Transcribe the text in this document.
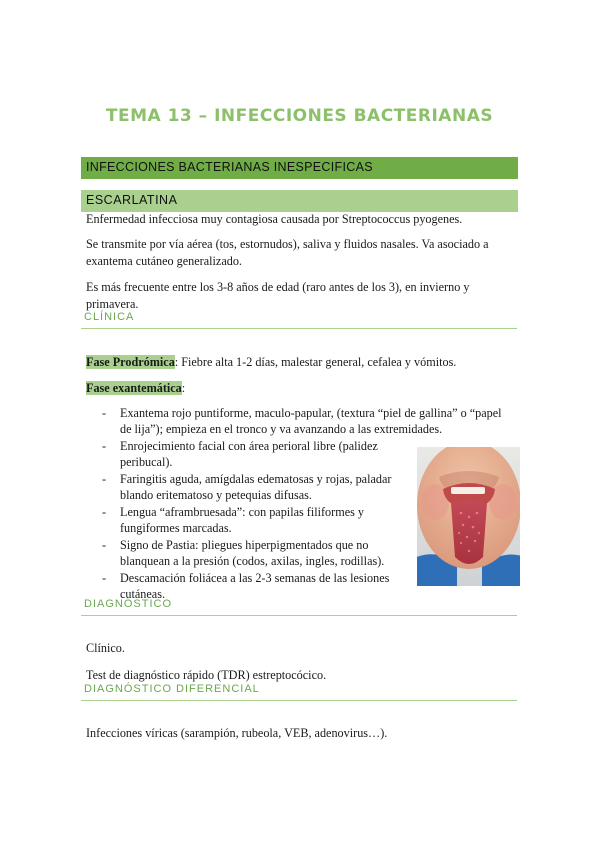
TEMA 13 – INFECCIONES BACTERIANAS
INFECCIONES BACTERIANAS INESPECIFICAS
ESCARLATINA
Enfermedad infecciosa muy contagiosa causada por Streptococcus pyogenes.
Se transmite por vía aérea (tos, estornudos), saliva y fluidos nasales. Va asociado a exantema cutáneo generalizado.
Es más frecuente entre los 3-8 años de edad (raro antes de los 3), en invierno y primavera.
CLÍNICA
Fase Prodrómica: Fiebre alta 1-2 días, malestar general, cefalea y vómitos.
Fase exantemática:
- Exantema rojo puntiforme, maculo-papular, (textura “piel de gallina” o “papel de lija”); empieza en el tronco y va avanzando a las extremidades.
- Enrojecimiento facial con área perioral libre (palidez peribucal).
- Faringitis aguda, amígdalas edematosas y rojas, paladar blando eritematoso y petequias difusas.
- Lengua “aframbruesada”: con papilas filiformes y fungiformes marcadas.
- Signo de Pastia: pliegues hiperpigmentados que no blanquean a la presión (codos, axilas, ingles, rodillas).
- Descamación foliácea a las 2-3 semanas de las lesiones cutáneas.
DIAGNÓSTICO
Clínico.
Test de diagnóstico rápido (TDR) estreptocócico.
DIAGNÓSTICO DIFERENCIAL
Infecciones víricas (sarampión, rubeola, VEB, adenovirus…).
